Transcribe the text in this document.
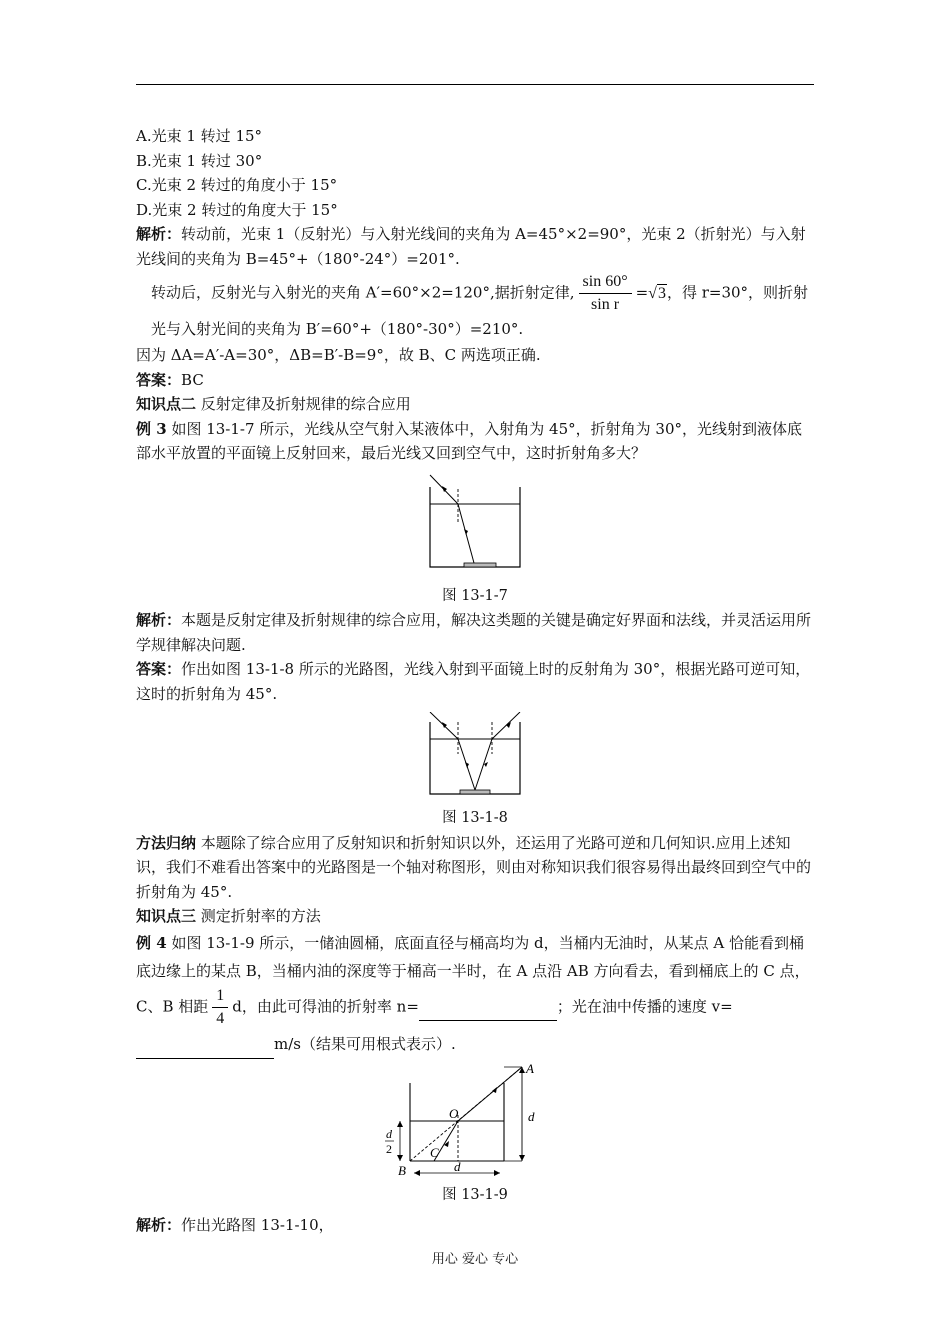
A.光束 1 转过 15°

B.光束 1 转过 30°

C.光束 2 转过的角度小于 15°

D.光束 2 转过的角度大于 15°

解析：转动前，光束 1（反射光）与入射光线间的夹角为 A=45°×2=90°，光束 2（折射光）与入射光线间的夹角为 B=45°+（180°-24°）=201°.

转动后，反射光与入射光的夹角 A′=60°×2=120°,据折射定律, $\frac{\sin 60^\circ}{\text{sin r}} =√3$，得 r=30°，则折射光与入射光间的夹角为 B′=60°+（180°-30°）=210°.

因为 ΔA=A′-A=30°，ΔB=B′-B=9°，故 B、C 两选项正确.

答案：BC

知识点二 反射定律及折射规律的综合应用

例 3 如图 13-1-7 所示，光线从空气射入某液体中，入射角为 45°，折射角为 30°，光线射到液体底部水平放置的平面镜上反射回来，最后光线又回到空气中，这时折射角多大？

图 13-1-7

解析：本题是反射定律及折射规律的综合应用，解决这类题的关键是确定好界面和法线，并灵活运用所学规律解决问题.

答案：作出如图 13-1-8 所示的光路图，光线入射到平面镜上时的反射角为 30°，根据光路可逆可知，这时的折射角为 45°.

图 13-1-8

方法归纳 本题除了综合应用了反射知识和折射知识以外，还运用了光路可逆和几何知识.应用上述知识，我们不难看出答案中的光路图是一个轴对称图形，则由对称知识我们很容易得出最终回到空气中的折射角为 45°.

知识点三 测定折射率的方法

例 4 如图 13-1-9 所示，一储油圆桶，底面直径与桶高均为 d，当桶内无油时，从某点 A 恰能看到桶底边缘上的某点 B，当桶内油的深度等于桶高一半时，在 A 点沿 AB 方向看去，看到桶底上的 C 点，C、B 相距 $\frac{1}{4}$ d，由此可得油的折射率 n=	；光在油中传播的速度 v= m/s（结果可用根式表示）.

A
B
C
O	d
d
d
2

图 13-1-9

解析：作出光路图 13-1-10，

用心 爱心 专心
